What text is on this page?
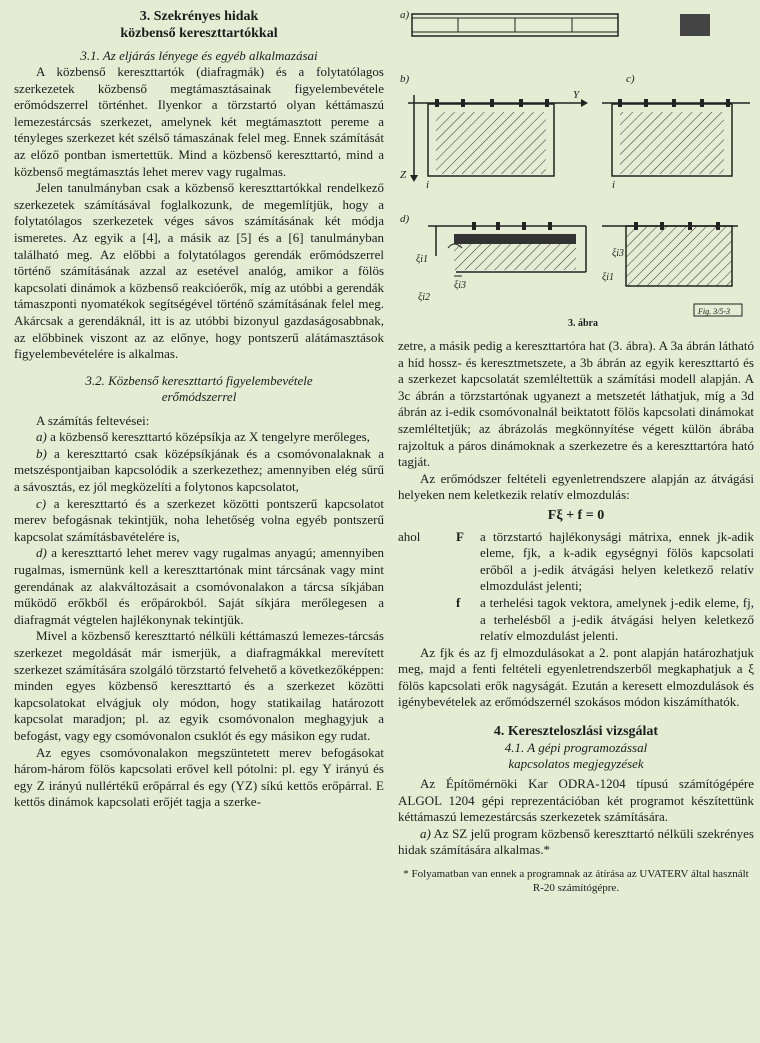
3. Szekrényes hidak

közbenső kereszttartókkal

3.1. Az eljárás lényege és egyéb alkalmazásai

A közbenső kereszttartók (diafragmák) és a folytatólagos szerkezetek közbenső megtámasztásainak figyelembevétele erőmódszerrel történhet. Ilyenkor a törzstartó olyan kéttámaszú lemezestárcsás szerkezet, amelynek két megtámasztott pereme a tényleges szerkezet két szélső támaszának felel meg. Ennek számítását az előző pontban ismertettük. Mind a közbenső kereszttartó, mind a közbenső megtámasztás lehet merev vagy rugalmas.

Jelen tanulmányban csak a közbenső kereszttartókkal rendelkező szerkezetek számításával foglalkozunk, de megemlítjük, hogy a folytatólagos szerkezetek véges sávos számításának két módja ismeretes. Az egyik a [4], a másik az [5] és a [6] tanulmányban található meg. Az előbbi a folytatólagos gerendák erőmódszerrel történő számításának azzal az esetével analóg, amikor a fölös kapcsolati dinámok a közbenső reakcióerők, míg az utóbbi a gerendák támaszponti nyomatékok segítségével történő számításának felel meg. Akárcsak a gerendáknál, itt is az utóbbi bizonyul gazdaságosabbnak, az előbbinek viszont az az előnye, hogy pontszerű alátámasztások figyelembevételére is alkalmas.

3.2. Közbenső kereszttartó figyelembevétele

erőmódszerrel

A számítás feltevései:

a) a közbenső kereszttartó középsíkja az X tengelyre merőleges,

b) a kereszttartó csak középsíkjának és a csomóvonalaknak a metszéspontjaiban kapcsolódik a szerkezethez; amennyiben elég sűrű a sávosztás, ez jól megközelíti a folytonos kapcsolatot,

c) a kereszttartó és a szerkezet közötti pontszerű kapcsolatot merev befogásnak tekintjük, noha lehetőség volna egyéb pontszerű kapcsolat számításbavételére is,

d) a kereszttartó lehet merev vagy rugalmas anyagú; amennyiben rugalmas, ismernünk kell a kereszttartónak mint tárcsának vagy mint gerendának az alakváltozásait a csomóvonalakon a tárcsa síkjában működő erőkből és erőpárokból. Saját síkjára merőlegesen a diafragmát végtelen hajlékonynak tekintjük.

Mivel a közbenső kereszttartó nélküli kéttámaszú lemezes-tárcsás szerkezet megoldását már ismerjük, a diafragmákkal merevített szerkezet számítására szolgáló törzstartó felvehető a következőképpen: minden egyes közbenső kereszttartó és a szerkezet közötti kapcsolatokat elvágjuk oly módon, hogy statikailag határozott kapcsolat maradjon; pl. az egyik csomóvonalon meghagyjuk a befogást, vagy egy csomóvonalon csuklót és egy másikon egy rudat.

Az egyes csomóvonalakon megszüntetett merev befogásokat három-három fölös kapcsolati erővel kell pótolni: pl. egy Y irányú és egy Z irányú nullértékű erőpárral és egy (YZ) síkú kettős erőpárral. E kettős dinámok kapcsolati erőjét tagja a szerke-

a)
b)
Y
Z
i
c)
i
d)
ξi1
ξi2
ξi3
ξi3
ξi1
Fig. 3/5-3
3. ábra

zetre, a másik pedig a kereszttartóra hat (3. ábra). A 3a ábrán látható a híd hossz- és keresztmetszete, a 3b ábrán az egyik kereszttartó és a szerkezet kapcsolatát szemléltettük a számítási modell alapján. A 3c ábrán a törzstartónak ugyanezt a metszetét láthatjuk, míg a 3d ábrán az i-edik csomóvonalnál beiktatott fölös kapcsolati dinámokat szemléltetjük; az ábrázolás megkönnyítése végett külön ábrába rajzoltuk a páros dinámoknak a szerkezetre és a kereszttartóra ható tagját.

Az erőmódszer feltételi egyenletrendszere alapján az átvágási helyeken nem keletkezik relatív elmozdulás:

Fξ + f = 0

ahol	F	a törzstartó hajlékonysági mátrixa, ennek jk-adik eleme, fjk, a k-adik egységnyi fölös kapcsolati erőből a j-edik átvágási helyen keletkező relatív elmozdulást jelenti;
f	a terhelési tagok vektora, amelynek j-edik eleme, fj, a terhelésből a j-edik átvágási helyen keletkező relatív elmozdulást jelenti.

Az fjk és az fj elmozdulásokat a 2. pont alapján határozhatjuk meg, majd a fenti feltételi egyenletrendszerből megkaphatjuk a ξ fölös kapcsolati erők nagyságát. Ezután a keresett elmozdulások és igénybevételek az erőmódszernél szokásos módon kiszámíthatók.

4. Kereszteloszlási vizsgálat

4.1. A gépi programozással

kapcsolatos megjegyzések

Az Építőmérnöki Kar ODRA-1204 típusú számítógépére ALGOL 1204 gépi reprezentációban két programot készítettünk kéttámaszú lemezestárcsás szerkezetek számítására.

a) Az SZ jelű program közbenső kereszttartó nélküli szekrényes hidak számítására alkalmas.*

* Folyamatban van ennek a programnak az átírása az UVATERV által használt R-20 számítógépre.
